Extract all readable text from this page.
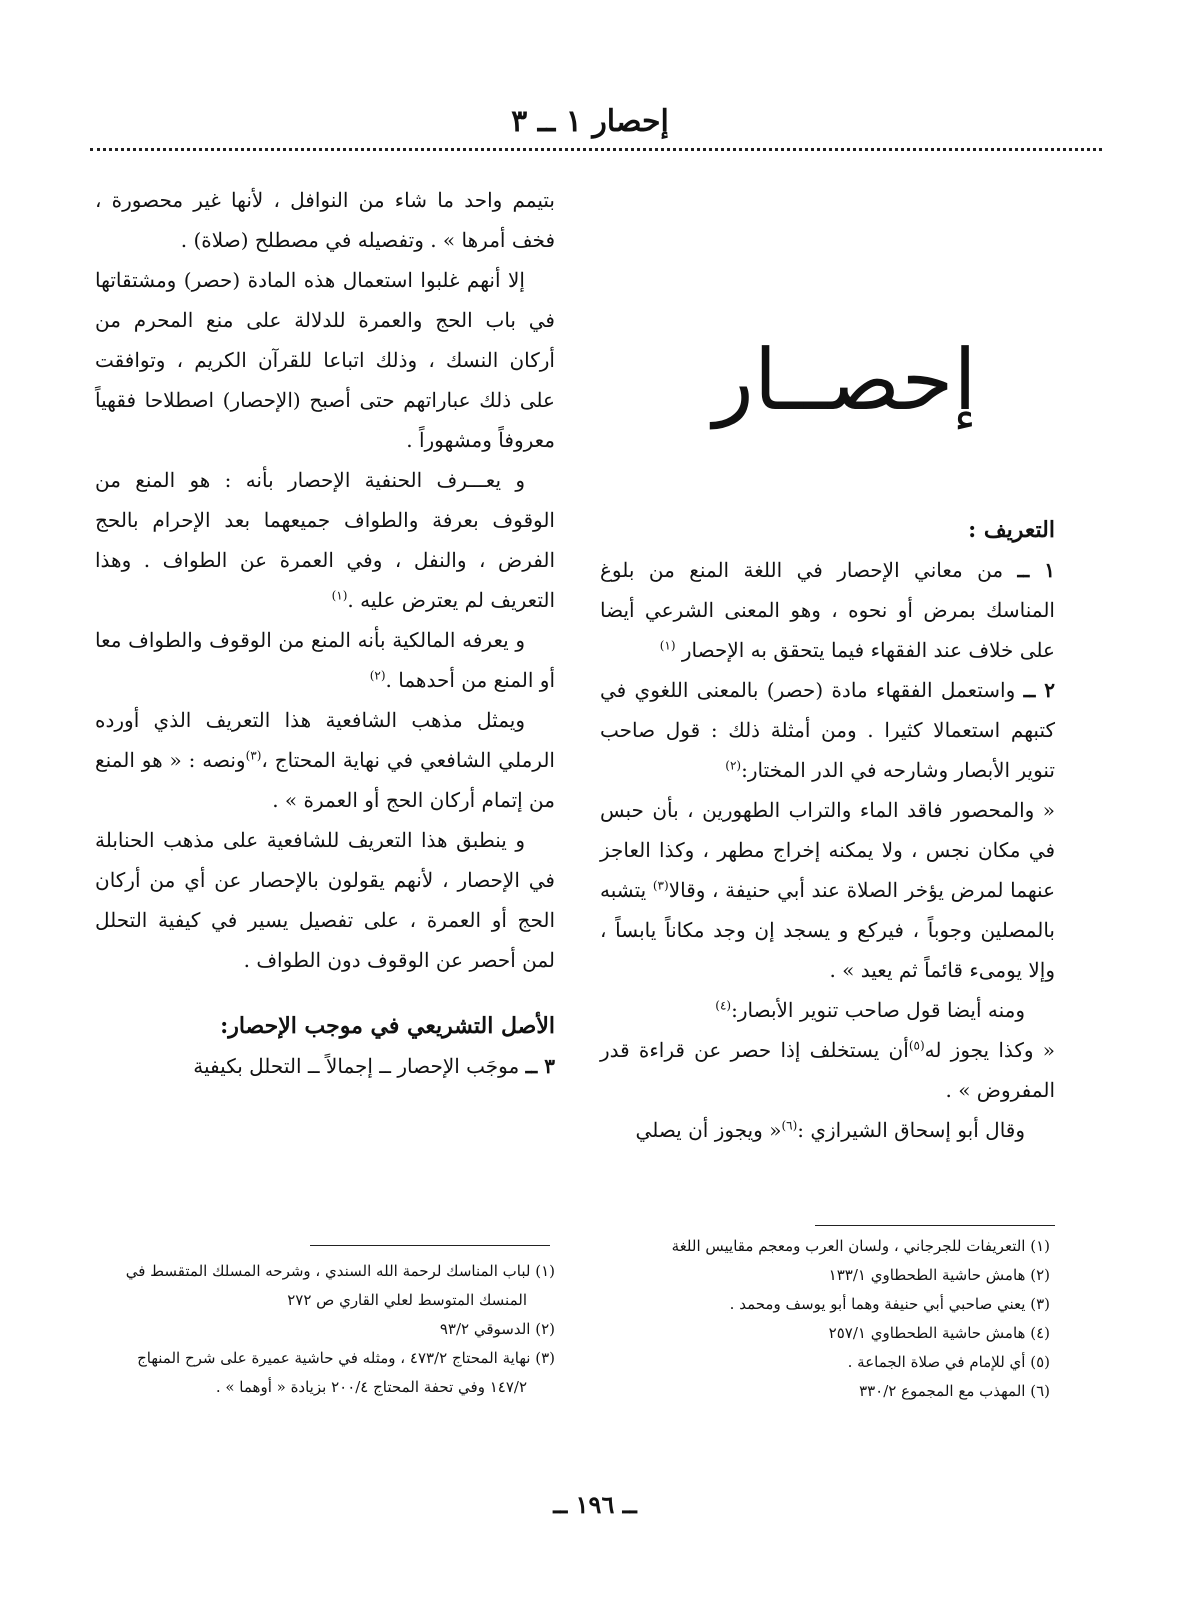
إحصار ١ ــ ٣
إحصــار

بتيمم واحد ما شاء من النوافل ، لأنها غير محصورة ، فخف أمرها » . وتفصيله في مصطلح (صلاة) .

إلا أنهم غلبوا استعمال هذه المادة (حصر) ومشتقاتها في باب الحج والعمرة للدلالة على منع المحرم من أركان النسك ، وذلك اتباعا للقرآن الكريم ، وتوافقت على ذلك عباراتهم حتى أصبح (الإحصار) اصطلاحا فقهياً معروفاً ومشهوراً .

و يعـــرف الحنفية الإحصار بأنه : هو المنع من الوقوف بعرفة والطواف جميعهما بعد الإحرام بالحج الفرض ، والنفل ، وفي العمرة عن الطواف . وهذا التعريف لم يعترض عليه .$^{(١)}$

و يعرفه المالكية بأنه المنع من الوقوف والطواف معا أو المنع من أحدهما .$^{(٢)}$

ويمثل مذهب الشافعية هذا التعريف الذي أورده الرملي الشافعي في نهاية المحتاج ،$^{(٣)}$ونصه : « هو المنع من إتمام أركان الحج أو العمرة » .

و ينطبق هذا التعريف للشافعية على مذهب الحنابلة في الإحصار ، لأنهم يقولون بالإحصار عن أي من أركان الحج أو العمرة ، على تفصيل يسير في كيفية التحلل لمن أحصر عن الوقوف دون الطواف .

الأصل التشريعي في موجب الإحصار:

٣ ــ موجَب الإحصار ــ إجمالاً ــ التحلل بكيفية

التعريف :

١ ــ من معاني الإحصار في اللغة المنع من بلوغ المناسك بمرض أو نحوه ، وهو المعنى الشرعي أيضا على خلاف عند الفقهاء فيما يتحقق به الإحصار $^{(١)}$

٢ ــ واستعمل الفقهاء مادة (حصر) بالمعنى اللغوي في كتبهم استعمالا كثيرا . ومن أمثلة ذلك : قول صاحب تنوير الأبصار وشارحه في الدر المختار:$^{(٢)}$

« والمحصور فاقد الماء والتراب الطهورين ، بأن حبس في مكان نجس ، ولا يمكنه إخراج مطهر ، وكذا العاجز عنهما لمرض يؤخر الصلاة عند أبي حنيفة ، وقالا$^{(٣)}$ يتشبه بالمصلين وجوباً ، فيركع و يسجد إن وجد مكاناً يابساً ، وإلا يومىء قائماً ثم يعيد » .

ومنه أيضا قول صاحب تنوير الأبصار:$^{(٤)}$

« وكذا يجوز له$^{(٥)}$أن يستخلف إذا حصر عن قراءة قدر المفروض » .

وقال أبو إسحاق الشيرازي :$^{(٦)}$« ويجوز أن يصلي

(١) التعريفات للجرجاني ، ولسان العرب ومعجم مقاييس اللغة

(٢) هامش حاشية الطحطاوي ١٣٣/١

(٣) يعني صاحبي أبي حنيفة وهما أبو يوسف ومحمد .

(٤) هامش حاشية الطحطاوي ٢٥٧/١

(٥) أي للإمام في صلاة الجماعة .

(٦) المهذب مع المجموع ٣٣٠/٢

(١) لباب المناسك لرحمة الله السندي ، وشرحه المسلك المتقسط في

المنسك المتوسط لعلي القاري ص ٢٧٢

(٢) الدسوقي ٩٣/٢

(٣) نهاية المحتاج ٤٧٣/٢ ، ومثله في حاشية عميرة على شرح المنهاج

١٤٧/٢ وفي تحفة المحتاج ٢٠٠/٤ بزيادة « أوهما » .

ــ ١٩٦ ــ
